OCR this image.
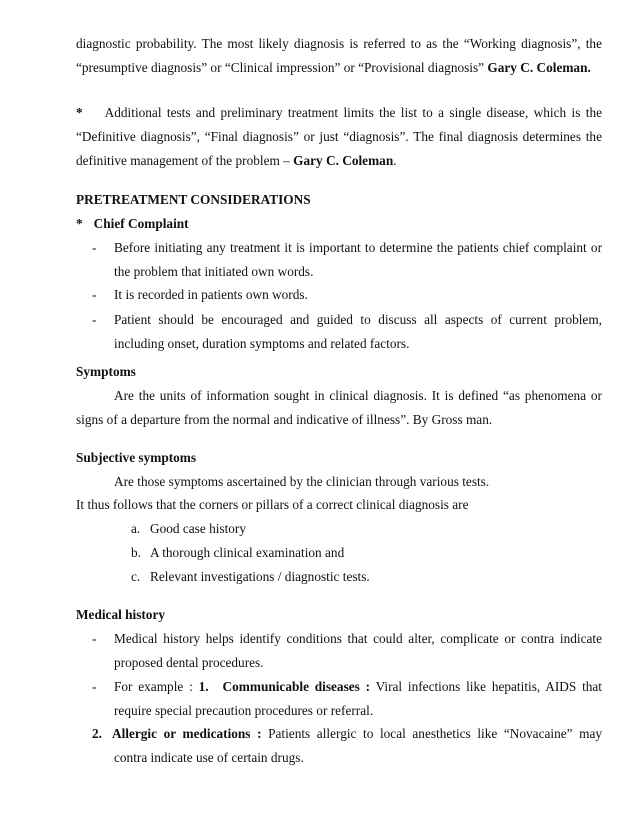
diagnostic probability. The most likely diagnosis is referred to as the “Working diagnosis”, the “presumptive diagnosis” or “Clinical impression” or “Provisional diagnosis” Gary C. Coleman.
* Additional tests and preliminary treatment limits the list to a single disease, which is the “Definitive diagnosis”, “Final diagnosis” or just “diagnosis”. The final diagnosis determines the definitive management of the problem – Gary C. Coleman.
PRETREATMENT CONSIDERATIONS
* Chief Complaint
- Before initiating any treatment it is important to determine the patients chief complaint or the problem that initiated own words.
- It is recorded in patients own words.
- Patient should be encouraged and guided to discuss all aspects of current problem, including onset, duration symptoms and related factors.
Symptoms
Are the units of information sought in clinical diagnosis. It is defined “as phenomena or signs of a departure from the normal and indicative of illness”. By Gross man.
Subjective symptoms
Are those symptoms ascertained by the clinician through various tests.
It thus follows that the corners or pillars of a correct clinical diagnosis are
a. Good case history
b. A thorough clinical examination and
c. Relevant investigations / diagnostic tests.
Medical history
- Medical history helps identify conditions that could alter, complicate or contra indicate proposed dental procedures.
- For example : 1. Communicable diseases : Viral infections like hepatitis, AIDS that require special precaution procedures or referral.
2. Allergic or medications : Patients allergic to local anesthetics like “Novacaine” may contra indicate use of certain drugs.
